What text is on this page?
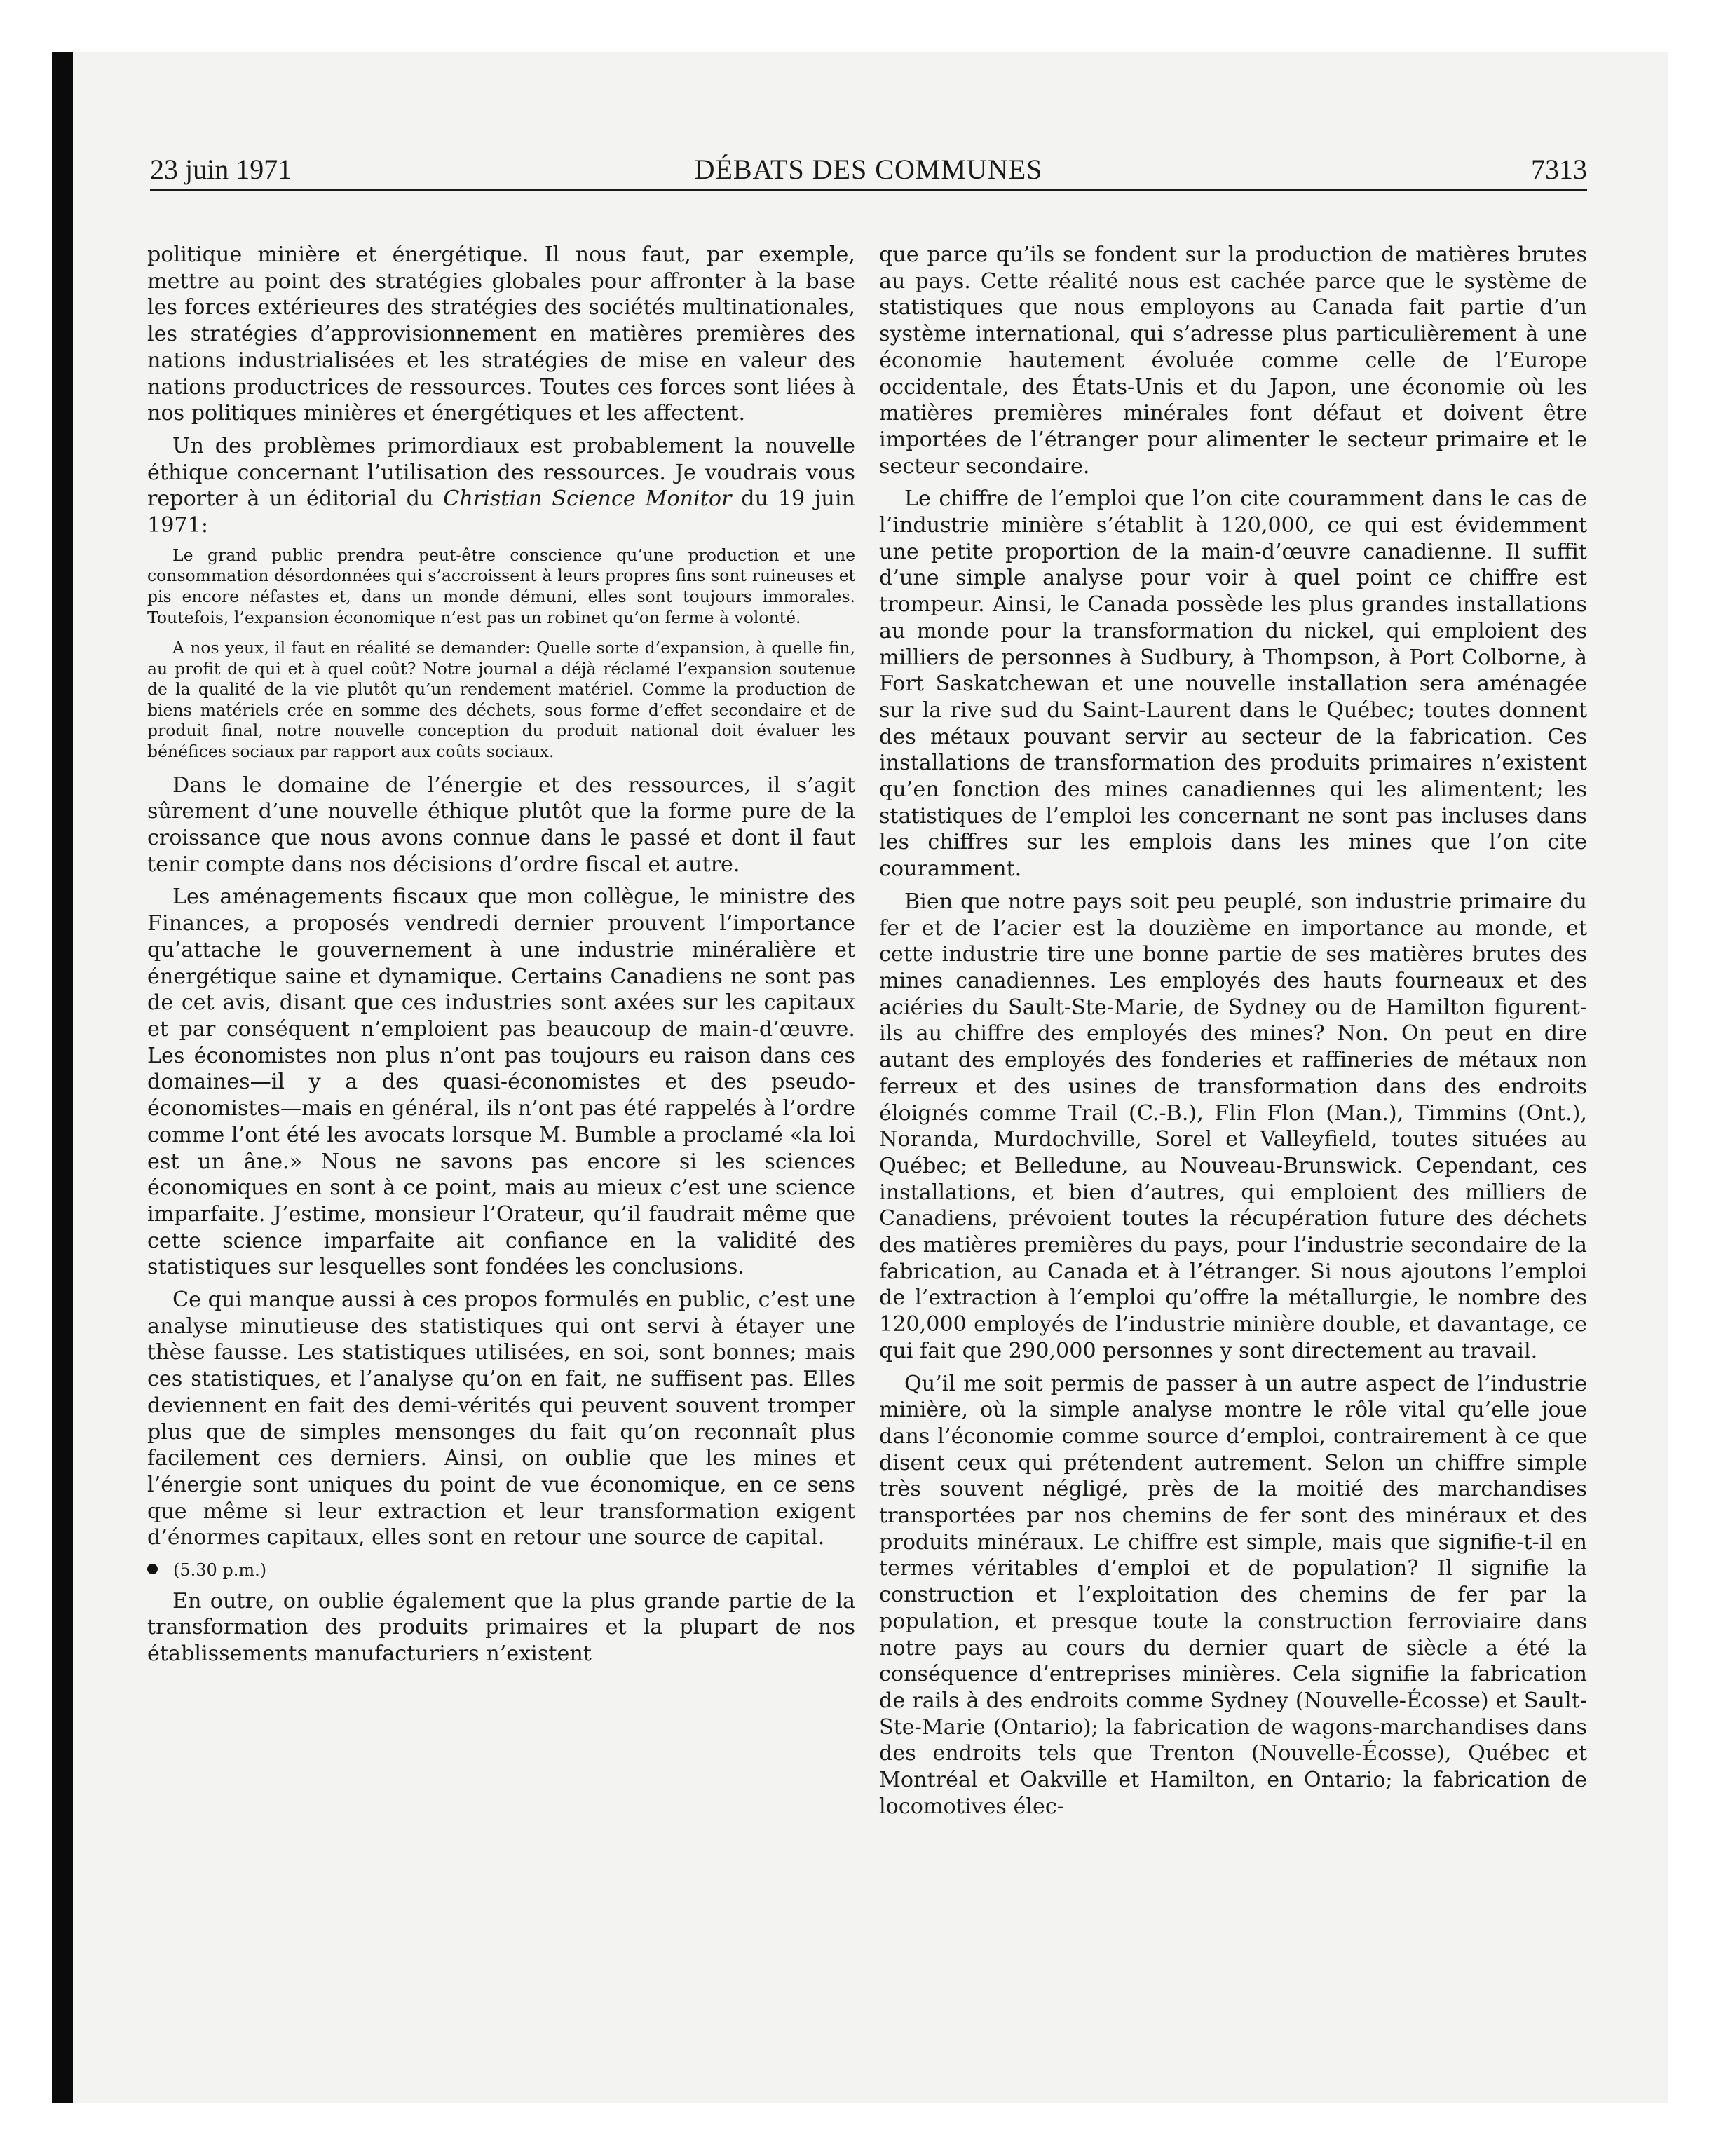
23 juin 1971	DÉBATS DES COMMUNES	7313

politique minière et énergétique. Il nous faut, par exemple, mettre au point des stratégies globales pour affronter à la base les forces extérieures des stratégies des sociétés multinationales, les stratégies d’approvisionnement en matières premières des nations industrialisées et les stratégies de mise en valeur des nations productrices de ressources. Toutes ces forces sont liées à nos politiques minières et énergétiques et les affectent.

Un des problèmes primordiaux est probablement la nouvelle éthique concernant l’utilisation des ressources. Je voudrais vous reporter à un éditorial du Christian Science Monitor du 19 juin 1971:

Le grand public prendra peut-être conscience qu’une production et une consommation désordonnées qui s’accroissent à leurs propres fins sont ruineuses et pis encore néfastes et, dans un monde démuni, elles sont toujours immorales. Toutefois, l’expansion économique n’est pas un robinet qu’on ferme à volonté.
A nos yeux, il faut en réalité se demander: Quelle sorte d’expansion, à quelle fin, au profit de qui et à quel coût? Notre journal a déjà réclamé l’expansion soutenue de la qualité de la vie plutôt qu’un rendement matériel. Comme la production de biens matériels crée en somme des déchets, sous forme d’effet secondaire et de produit final, notre nouvelle conception du produit national doit évaluer les bénéfices sociaux par rapport aux coûts sociaux.

Dans le domaine de l’énergie et des ressources, il s’agit sûrement d’une nouvelle éthique plutôt que la forme pure de la croissance que nous avons connue dans le passé et dont il faut tenir compte dans nos décisions d’ordre fiscal et autre.

Les aménagements fiscaux que mon collègue, le ministre des Finances, a proposés vendredi dernier prouvent l’importance qu’attache le gouvernement à une industrie minéralière et énergétique saine et dynamique. Certains Canadiens ne sont pas de cet avis, disant que ces industries sont axées sur les capitaux et par conséquent n’emploient pas beaucoup de main-d’œuvre. Les économistes non plus n’ont pas toujours eu raison dans ces domaines—il y a des quasi-économistes et des pseudo-économistes—mais en général, ils n’ont pas été rappelés à l’ordre comme l’ont été les avocats lorsque M. Bumble a proclamé «la loi est un âne.» Nous ne savons pas encore si les sciences économiques en sont à ce point, mais au mieux c’est une science imparfaite. J’estime, monsieur l’Orateur, qu’il faudrait même que cette science imparfaite ait confiance en la validité des statistiques sur lesquelles sont fondées les conclusions.

Ce qui manque aussi à ces propos formulés en public, c’est une analyse minutieuse des statistiques qui ont servi à étayer une thèse fausse. Les statistiques utilisées, en soi, sont bonnes; mais ces statistiques, et l’analyse qu’on en fait, ne suffisent pas. Elles deviennent en fait des demi-vérités qui peuvent souvent tromper plus que de simples mensonges du fait qu’on reconnaît plus facilement ces derniers. Ainsi, on oublie que les mines et l’énergie sont uniques du point de vue économique, en ce sens que même si leur extraction et leur transformation exigent d’énormes capitaux, elles sont en retour une source de capital.

(5.30 p.m.)

En outre, on oublie également que la plus grande partie de la transformation des produits primaires et la plupart de nos établissements manufacturiers n’existent

que parce qu’ils se fondent sur la production de matières brutes au pays. Cette réalité nous est cachée parce que le système de statistiques que nous employons au Canada fait partie d’un système international, qui s’adresse plus particulièrement à une économie hautement évoluée comme celle de l’Europe occidentale, des États-Unis et du Japon, une économie où les matières premières minérales font défaut et doivent être importées de l’étranger pour alimenter le secteur primaire et le secteur secondaire.

Le chiffre de l’emploi que l’on cite couramment dans le cas de l’industrie minière s’établit à 120,000, ce qui est évidemment une petite proportion de la main-d’œuvre canadienne. Il suffit d’une simple analyse pour voir à quel point ce chiffre est trompeur. Ainsi, le Canada possède les plus grandes installations au monde pour la transformation du nickel, qui emploient des milliers de personnes à Sudbury, à Thompson, à Port Colborne, à Fort Saskatchewan et une nouvelle installation sera aménagée sur la rive sud du Saint-Laurent dans le Québec; toutes donnent des métaux pouvant servir au secteur de la fabrication. Ces installations de transformation des produits primaires n’existent qu’en fonction des mines canadiennes qui les alimentent; les statistiques de l’emploi les concernant ne sont pas incluses dans les chiffres sur les emplois dans les mines que l’on cite couramment.

Bien que notre pays soit peu peuplé, son industrie primaire du fer et de l’acier est la douzième en importance au monde, et cette industrie tire une bonne partie de ses matières brutes des mines canadiennes. Les employés des hauts fourneaux et des aciéries du Sault-Ste-Marie, de Sydney ou de Hamilton figurent-ils au chiffre des employés des mines? Non. On peut en dire autant des employés des fonderies et raffineries de métaux non ferreux et des usines de transformation dans des endroits éloignés comme Trail (C.-B.), Flin Flon (Man.), Timmins (Ont.), Noranda, Murdochville, Sorel et Valleyfield, toutes situées au Québec; et Belledune, au Nouveau-Brunswick. Cependant, ces installations, et bien d’autres, qui emploient des milliers de Canadiens, prévoient toutes la récupération future des déchets des matières premières du pays, pour l’industrie secondaire de la fabrication, au Canada et à l’étranger. Si nous ajoutons l’emploi de l’extraction à l’emploi qu’offre la métallurgie, le nombre des 120,000 employés de l’industrie minière double, et davantage, ce qui fait que 290,000 personnes y sont directement au travail.

Qu’il me soit permis de passer à un autre aspect de l’industrie minière, où la simple analyse montre le rôle vital qu’elle joue dans l’économie comme source d’emploi, contrairement à ce que disent ceux qui prétendent autrement. Selon un chiffre simple très souvent négligé, près de la moitié des marchandises transportées par nos chemins de fer sont des minéraux et des produits minéraux. Le chiffre est simple, mais que signifie-t-il en termes véritables d’emploi et de population? Il signifie la construction et l’exploitation des chemins de fer par la population, et presque toute la construction ferroviaire dans notre pays au cours du dernier quart de siècle a été la conséquence d’entreprises minières. Cela signifie la fabrication de rails à des endroits comme Sydney (Nouvelle-Écosse) et Sault-Ste-Marie (Ontario); la fabrication de wagons-marchandises dans des endroits tels que Trenton (Nouvelle-Écosse), Québec et Montréal et Oakville et Hamilton, en Ontario; la fabrication de locomotives élec-
